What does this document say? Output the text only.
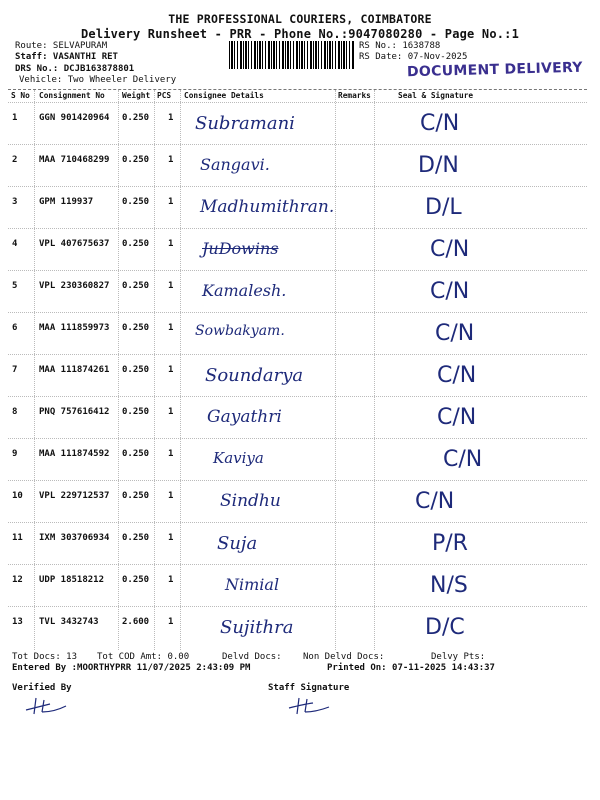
THE PROFESSIONAL COURIERS, COIMBATORE
Delivery Runsheet - PRR - Phone No.:9047080280 - Page No.:1
Route: SELVAPURAM
Staff: VASANTHI RET
DRS No.: DCJB163878801
Vehicle: Two Wheeler Delivery
RS No.: 1638788
RS Date: 07-Nov-2025
DOCUMENT DELIVERY
S No Consignment No Weight PCS Consignee Details	Remarks	Seal & Signature
1 GGN 901420964 0.250 1 Subramani	C/N
2 MAA 710468299 0.250 1 Sangavi.	D/N
3 GPM 119937	0.250 1 Madhumithran.	D/L
4 VPL 407675637 0.250 1 JuDowins	C/N
5 VPL 230360827 0.250 1 Kamalesh.	C/N
6 MAA 111859973 0.250 1 Sowbakyam.	C/N
7 MAA 111874261 0.250 1 Soundarya	C/N
8 PNQ 757616412 0.250 1 Gayathri	C/N
9 MAA 111874592 0.250 1	Kaviya	C/N
10 VPL 229712537 0.250 1	Sindhu	C/N
11 IXM 303706934 0.250 1 Suja	P/R
12 UDP 18518212 0.250 1	Nimial	N/S
13 TVL 3432743	2.600 1	Sujithra	D/C
Tot Docs: 13 Tot COD Amt: 0.00	Delvd Docs: Non Delvd Docs:	Delvy Pts:
Entered By :MOORTHYPRR 11/07/2025 2:43:09 PM	Printed On: 07-11-2025 14:43:37
Verified By	Staff Signature
